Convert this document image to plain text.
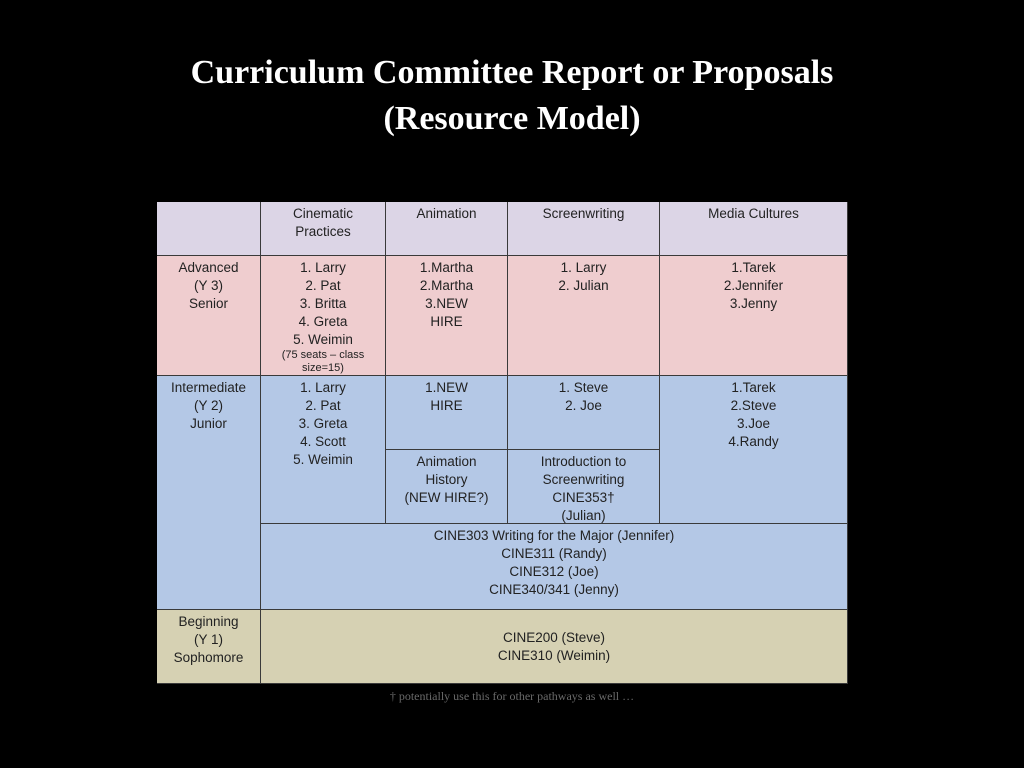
Curriculum Committee Report or Proposals
(Resource Model)
Cinematic
Practices
Animation	Screenwriting	Media Cultures
Advanced
(Y 3)
Senior
1. Larry
2. Pat
3. Britta
4. Greta
5. Weimin
(75 seats – class
size=15)
1.Martha
2.Martha
3.NEW
HIRE
1. Larry
2. Julian
1.Tarek
2.Jennifer
3.Jenny
Intermediate
(Y 2)
Junior
1. Larry
2. Pat
3. Greta
4. Scott
5. Weimin
1.NEW
HIRE
1. Steve
2. Joe
1.Tarek
2.Steve
3.Joe
4.Randy
Animation
History
(NEW HIRE?)
Introduction to
Screenwriting
CINE353†
(Julian)
CINE303 Writing for the Major (Jennifer)
CINE311 (Randy)
CINE312 (Joe)
CINE340/341 (Jenny)
Beginning
(Y 1)
Sophomore
CINE200 (Steve)
CINE310 (Weimin)
† potentially use this for other pathways as well …
